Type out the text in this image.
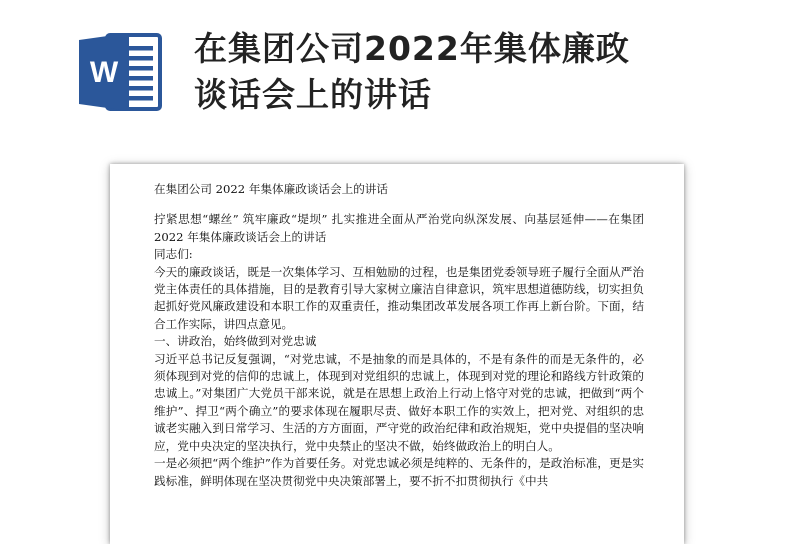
W
在集团公司2022年集体廉政
谈话会上的讲话
在集团公司 2022 年集体廉政谈话会上的讲话

拧紧思想“螺丝” 筑牢廉政“堤坝” 扎实推进全面从严治党向纵深发展、向基层延伸——在集团 2022 年集体廉政谈话会上的讲话

同志们:

今天的廉政谈话，既是一次集体学习、互相勉励的过程，也是集团党委领导班子履行全面从严治党主体责任的具体措施，目的是教育引导大家树立廉洁自律意识，筑牢思想道德防线，切实担负起抓好党风廉政建设和本职工作的双重责任，推动集团改革发展各项工作再上新台阶。下面，结合工作实际，讲四点意见。

一、讲政治，始终做到对党忠诚

习近平总书记反复强调，“对党忠诚，不是抽象的而是具体的，不是有条件的而是无条件的，必须体现到对党的信仰的忠诚上，体现到对党组织的忠诚上，体现到对党的理论和路线方针政策的忠诚上。”对集团广大党员干部来说，就是在思想上政治上行动上恪守对党的忠诚，把做到“两个维护”、捍卫“两个确立”的要求体现在履职尽责、做好本职工作的实效上，把对党、对组织的忠诚老实融入到日常学习、生活的方方面面，严守党的政治纪律和政治规矩，党中央提倡的坚决响应，党中央决定的坚决执行，党中央禁止的坚决不做，始终做政治上的明白人。

一是必须把“两个维护”作为首要任务。对党忠诚必须是纯粹的、无条件的，是政治标准，更是实践标准，鲜明体现在坚决贯彻党中央决策部署上，要不折不扣贯彻执行《中共
